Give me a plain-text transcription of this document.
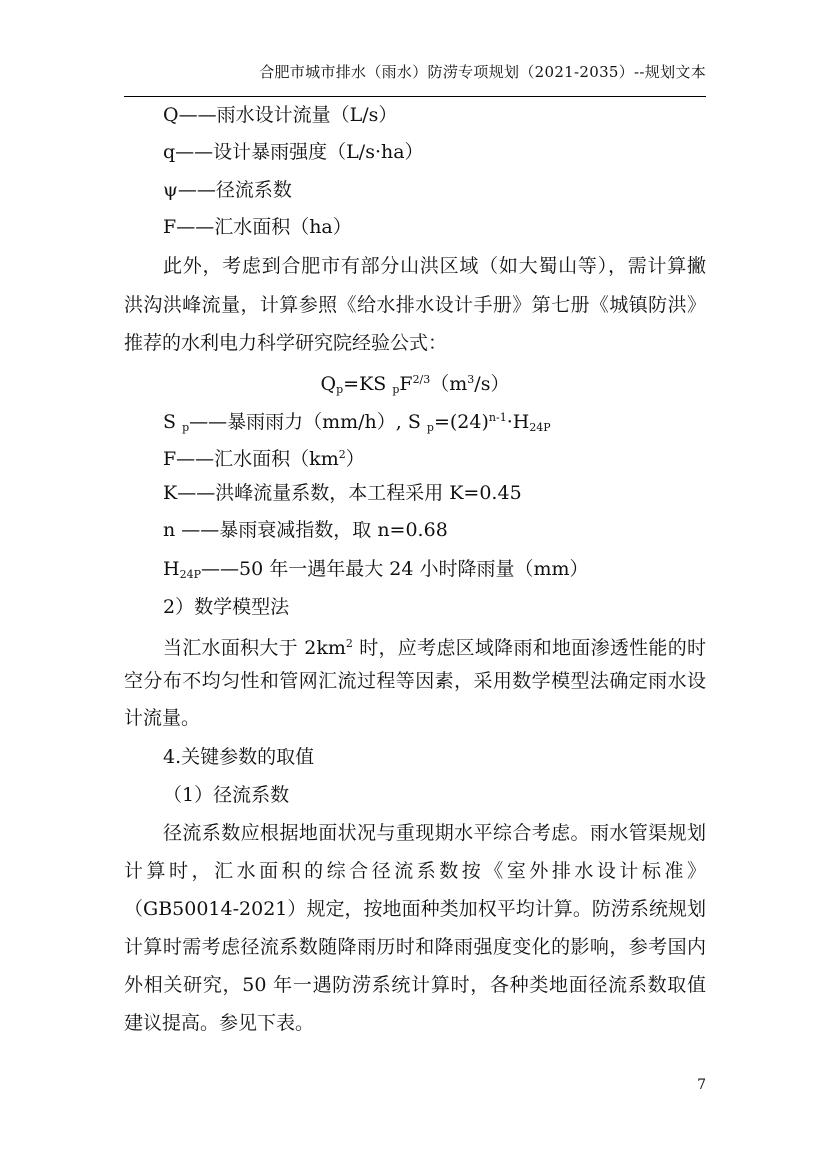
合肥市城市排水（雨水）防涝专项规划（2021-2035）--规划文本
Q——雨水设计流量（L/s）
q——设计暴雨强度（L/s·ha）
ψ——径流系数
F——汇水面积（ha）
此外，考虑到合肥市有部分山洪区域（如大蜀山等），需计算撇
洪沟洪峰流量，计算参照《给水排水设计手册》第七册《城镇防洪》
推荐的水利电力科学研究院经验公式：
$Q_p=KS$ $_pF^{2/3}(m^3/s)$
S $_p$——暴雨雨力（mm/h）, S $_p=(24)^{n-1}\cdot H_{24P}$
F——汇水面积$(km^2)$
K——洪峰流量系数，本工程采用 K=0.45
n ——暴雨衰减指数，取 n=0.68
$H_{24P}——50$ 年一遇年最大 24 小时降雨量（mm）
2）数学模型法
当汇水面积大于 $2km^2$ 时，应考虑区域降雨和地面渗透性能的时
空分布不均匀性和管网汇流过程等因素，采用数学模型法确定雨水设
计流量。
4.关键参数的取值
（1）径流系数
径流系数应根据地面状况与重现期水平综合考虑。雨水管渠规划
计算时，汇水面积的综合径流系数按《室外排水设计标准》
（GB50014-2021）规定，按地面种类加权平均计算。防涝系统规划
计算时需考虑径流系数随降雨历时和降雨强度变化的影响，参考国内
外相关研究，50 年一遇防涝系统计算时，各种类地面径流系数取值
建议提高。参见下表。
7
